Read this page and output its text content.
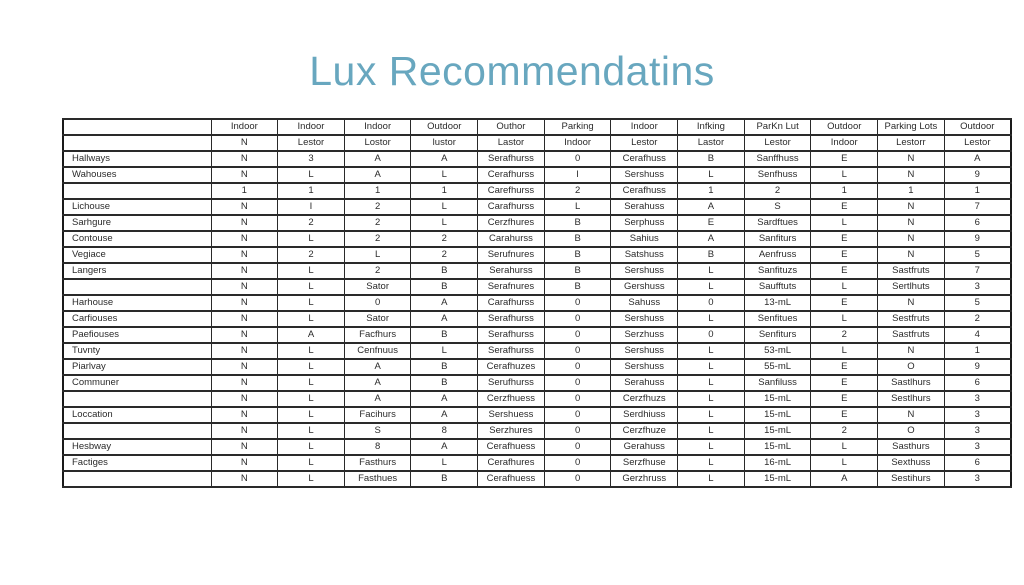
Lux Recommendatins
	Indoor	Indoor	Indoor	Outdoor	Outhor	Parking	Indoor	Infking	ParKn Lut	Outdoor	Parking Lots	Outdoor
	N	Lestor	Lostor	lustor	Lastor	Indoor	Lestor	Lastor	Lestor	Indoor	Lestorr	Lestor
Hallways	N	3	A	A	Serafhurss	0	Cerafhuss	B	Sanffhuss	E	N	A
Wahouses	N	L	A	L	Cerafhurss	I	Sershuss	L	Senfhuss	L	N	9
	1	1	1	1	Carefhurss	2	Cerafhuss	1	2	1	1	1
Lichouse	N	I	2	L	Carafhurss	L	Serahuss	A	S	E	N	7
Sarhgure	N	2	2	L	Cerzfhures	B	Serphuss	E	Sardftues	L	N	6
Contouse	N	L	2	2	Carahurss	B	Sahius	A	Sanfiturs	E	N	9
Vegiace	N	2	L	2	Serufnures	B	Satshuss	B	Aenfruss	E	N	5
Langers	N	L	2	B	Serahurss	B	Sershuss	L	Sanfituzs	E	Sastfruts	7
	N	L	Sator	B	Serafnures	B	Gershuss	L	Saufftuts	L	Sertlhuts	3
Harhouse	N	L	0	A	Carafhurss	0	Sahuss	0	13-mL	E	N	5
Carfiouses	N	L	Sator	A	Serafhurss	0	Sershuss	L	Senfitues	L	Sestfruts	2
Paefiouses	N	A	Facfhurs	B	Serafhurss	0	Serzhuss	0	Senfiturs	2	Sastfruts	4
Tuvnty	N	L	Cenfnuus	L	Serafhurss	0	Sershuss	L	53-mL	L	N	1
Piarlvay	N	L	A	B	Cerafhuzes	0	Sershuss	L	55-mL	E	O	9
Communer	N	L	A	B	Serufhurss	0	Serahuss	L	Sanfiluss	E	Sastlhurs	6
	N	L	A	A	Cerzfhuess	0	Cerzfhuzs	L	15-mL	E	Sestlhurs	3
Loccation	N	L	Facihurs	A	Sershuess	0	Serdhiuss	L	15-mL	E	N	3
	N	L	S	8	Serzhures	0	Cerzfhuze	L	15-mL	2	O	3
Hesbway	N	L	8	A	Cerafhuess	0	Gerahuss	L	15-mL	L	Sasthurs	3
Factiges	N	L	Fasthurs	L	Cerafhures	0	Serzfhuse	L	16-mL	L	Sexthuss	6
	N	L	Fasthues	B	Cerafhuess	0	Gerzhruss	L	15-mL	A	Sestihurs	3
